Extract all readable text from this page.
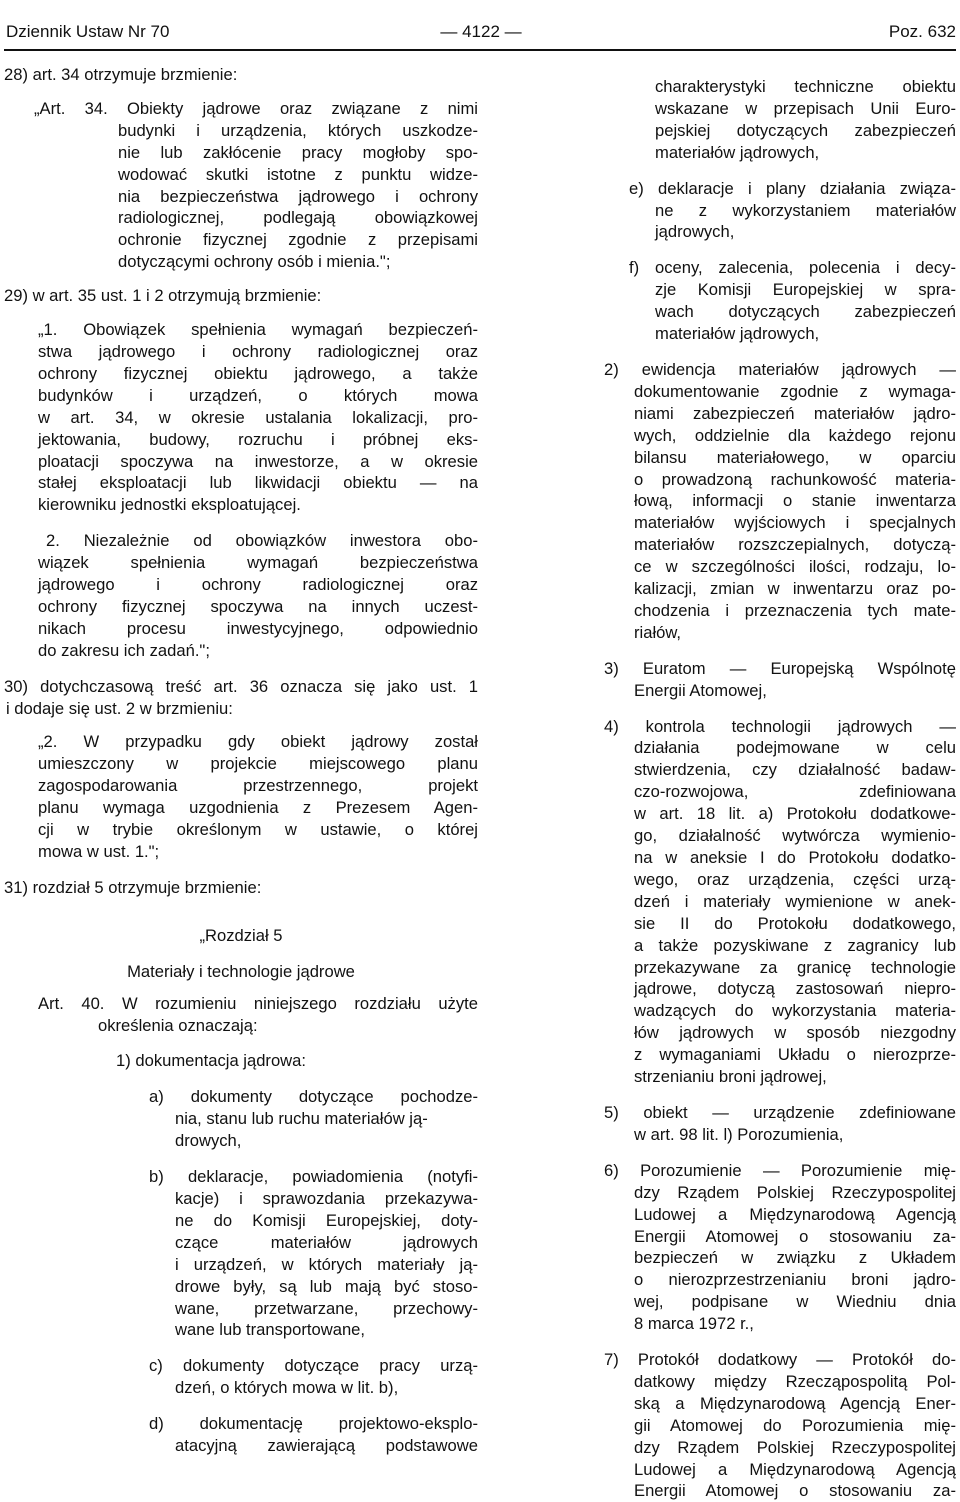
Dziennik Ustaw Nr 70	— 4122 —	Poz. 632
28) art. 34 otrzymuje brzmienie:
„Art. 34. Obiekty jądrowe oraz związane z nimi
budynki i urządzenia, których uszkodze-
nie lub zakłócenie pracy mogłoby spo-
wodować skutki istotne z punktu widze-
nia bezpieczeństwa jądrowego i ochrony
radiologicznej, podlegają obowiązkowej
ochronie fizycznej zgodnie z przepisami
dotyczącymi ochrony osób i mienia.";
29) w art. 35 ust. 1 i 2 otrzymują brzmienie:
„1. Obowiązek spełnienia wymagań bezpieczeń-
stwa jądrowego i ochrony radiologicznej oraz
ochrony fizycznej obiektu jądrowego, a także
budynków i urządzeń, o których mowa
w art. 34, w okresie ustalania lokalizacji, pro-
jektowania, budowy, rozruchu i próbnej eks-
ploatacji spoczywa na inwestorze, a w okresie
stałej eksploatacji lub likwidacji obiektu — na
kierowniku jednostki eksploatującej.
2. Niezależnie od obowiązków inwestora obo-
wiązek spełnienia wymagań bezpieczeństwa
jądrowego i ochrony radiologicznej oraz
ochrony fizycznej spoczywa na innych uczest-
nikach procesu inwestycyjnego, odpowiednio
do zakresu ich zadań.";
30) dotychczasową treść art. 36 oznacza się jako ust. 1
i dodaje się ust. 2 w brzmieniu:
„2. W przypadku gdy obiekt jądrowy został
umieszczony w projekcie miejscowego planu
zagospodarowania przestrzennego, projekt
planu wymaga uzgodnienia z Prezesem Agen-
cji w trybie określonym w ustawie, o której
mowa w ust. 1.";
31) rozdział 5 otrzymuje brzmienie:
„Rozdział 5
Materiały i technologie jądrowe
Art. 40. W rozumieniu niniejszego rozdziału użyte
określenia oznaczają:
1) dokumentacja jądrowa:
a) dokumenty dotyczące pochodze-
nia, stanu lub ruchu materiałów ją-
drowych,
b) deklaracje, powiadomienia (notyfi-
kacje) i sprawozdania przekazywa-
ne do Komisji Europejskiej, doty-
czące materiałów jądrowych
i urządzeń, w których materiały ją-
drowe były, są lub mają być stoso-
wane, przetwarzane, przechowy-
wane lub transportowane,
c) dokumenty dotyczące pracy urzą-
dzeń, o których mowa w lit. b),
d) dokumentację projektowo-eksplo-
atacyjną zawierającą podstawowe
charakterystyki techniczne obiektu
wskazane w przepisach Unii Euro-
pejskiej dotyczących zabezpieczeń
materiałów jądrowych,
e) deklaracje i plany działania związa-
ne z wykorzystaniem materiałów
jądrowych,
f) oceny, zalecenia, polecenia i decy-
zje Komisji Europejskiej w spra-
wach dotyczących zabezpieczeń
materiałów jądrowych,
2) ewidencja materiałów jądrowych —
dokumentowanie zgodnie z wymaga-
niami zabezpieczeń materiałów jądro-
wych, oddzielnie dla każdego rejonu
bilansu materiałowego, w oparciu
o prowadzoną rachunkowość materia-
łową, informacji o stanie inwentarza
materiałów wyjściowych i specjalnych
materiałów rozszczepialnych, dotyczą-
ce w szczególności ilości, rodzaju, lo-
kalizacji, zmian w inwentarzu oraz po-
chodzenia i przeznaczenia tych mate-
riałów,
3) Euratom — Europejską Wspólnotę
Energii Atomowej,
4) kontrola technologii jądrowych —
działania podejmowane w celu
stwierdzenia, czy działalność badaw-
czo-rozwojowa, zdefiniowana
w art. 18 lit. a) Protokołu dodatkowe-
go, działalność wytwórcza wymienio-
na w aneksie I do Protokołu dodatko-
wego, oraz urządzenia, części urzą-
dzeń i materiały wymienione w anek-
sie II do Protokołu dodatkowego,
a także pozyskiwane z zagranicy lub
przekazywane za granicę technologie
jądrowe, dotyczą zastosowań niepro-
wadzących do wykorzystania materia-
łów jądrowych w sposób niezgodny
z wymaganiami Układu o nierozprze-
strzenianiu broni jądrowej,
5) obiekt — urządzenie zdefiniowane
w art. 98 lit. l) Porozumienia,
6) Porozumienie — Porozumienie mię-
dzy Rządem Polskiej Rzeczypospolitej
Ludowej a Międzynarodową Agencją
Energii Atomowej o stosowaniu za-
bezpieczeń w związku z Układem
o nierozprzestrzenianiu broni jądro-
wej, podpisane w Wiedniu dnia
8 marca 1972 r.,
7) Protokół dodatkowy — Protokół do-
datkowy między Rzecząpospolitą Pol-
ską a Międzynarodową Agencją Ener-
gii Atomowej do Porozumienia mię-
dzy Rządem Polskiej Rzeczypospolitej
Ludowej a Międzynarodową Agencją
Energii Atomowej o stosowaniu za-
